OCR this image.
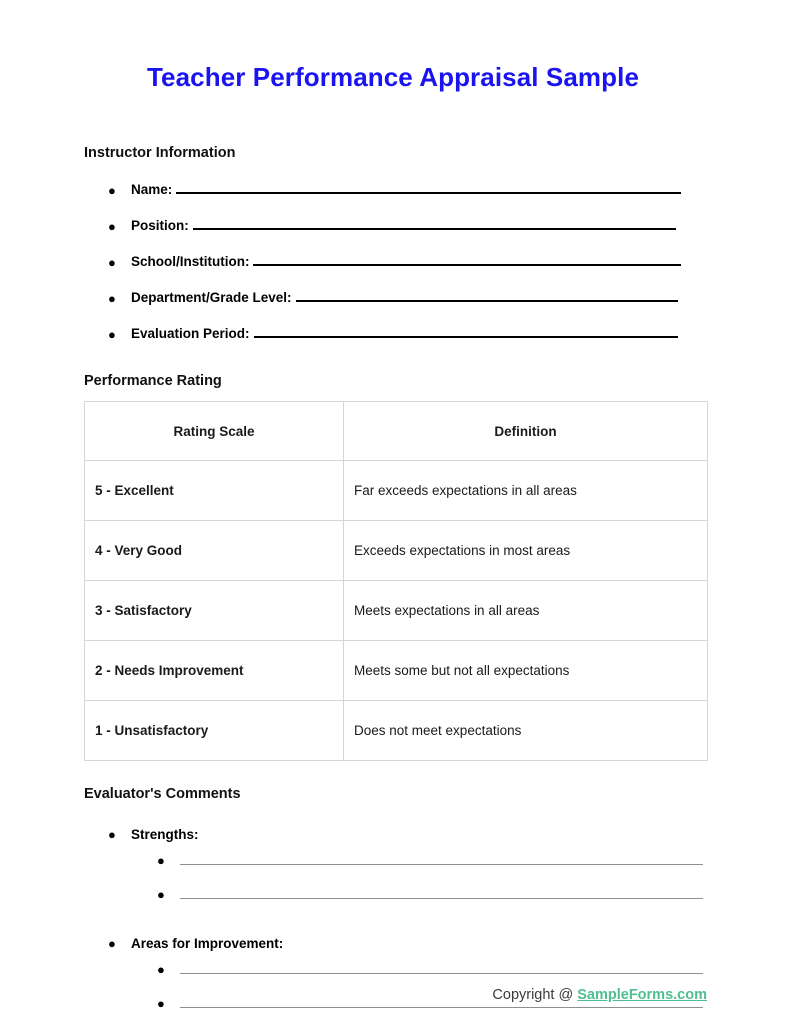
Teacher Performance Appraisal Sample
Instructor Information
● Name:
● Position:
● School/Institution:
● Department/Grade Level:
● Evaluation Period:
Performance Rating
Rating Scale	Definition
5 - Excellent	Far exceeds expectations in all areas
4 - Very Good	Exceeds expectations in most areas
3 - Satisfactory	Meets expectations in all areas
2 - Needs Improvement	Meets some but not all expectations
1 - Unsatisfactory	Does not meet expectations
Evaluator's Comments
●	Strengths:
●
●
●	Areas for Improvement:
●
●
Copyright @ SampleForms.com
